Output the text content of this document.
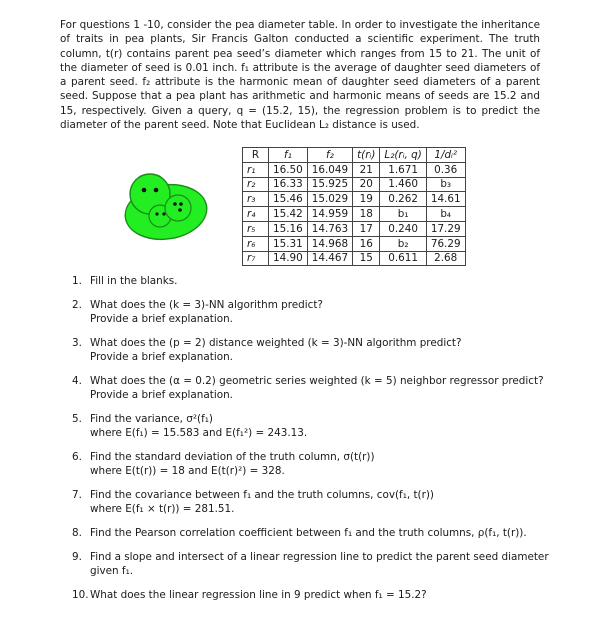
For questions 1 -10, consider the pea diameter table. In order to investigate the inheritance of traits in pea plants, Sir Francis Galton conducted a scientific experiment. The truth column, t(r) contains parent pea seed’s diameter which ranges from 15 to 21. The unit of the diameter of seed is 0.01 inch. f₁ attribute is the average of daughter seed diameters of a parent seed. f₂ attribute is the harmonic mean of daughter seed diameters of a parent seed. Suppose that a pea plant has arithmetic and harmonic means of seeds are 15.2 and 15, respectively. Given a query, q = (15.2, 15), the regression problem is to predict the diameter of the parent seed. Note that Euclidean L₂ distance is used.
R	f₁	f₂	t(rᵢ)	L₂(rᵢ, q)	1/dᵢ²
r₁	16.50	16.049	21	1.671	0.36
r₂	16.33	15.925	20	1.460	b₃
r₃	15.46	15.029	19	0.262	14.61
r₄	15.42	14.959	18	b₁	b₄
r₅	15.16	14.763	17	0.240	17.29
r₆	15.31	14.968	16	b₂	76.29
r₇	14.90	14.467	15	0.611	2.68
1. Fill in the blanks.
2. What does the (k = 3)-NN algorithm predict?
Provide a brief explanation.
3. What does the (p = 2) distance weighted (k = 3)-NN algorithm predict?
Provide a brief explanation.
4. What does the (α = 0.2) geometric series weighted (k = 5) neighbor regressor predict?
Provide a brief explanation.
5. Find the variance, σ²(f₁)
where E(f₁) = 15.583 and E(f₁²) = 243.13.
6. Find the standard deviation of the truth column, σ(t(r))
where E(t(r)) = 18 and E(t(r)²) = 328.
7. Find the covariance between f₁ and the truth columns, cov(f₁, t(r))
where E(f₁ × t(r)) = 281.51.
8. Find the Pearson correlation coefficient between f₁ and the truth columns, ρ(f₁, t(r)).
9. Find a slope and intersect of a linear regression line to predict the parent seed diameter given f₁.
10. What does the linear regression line in 9 predict when f₁ = 15.2?
